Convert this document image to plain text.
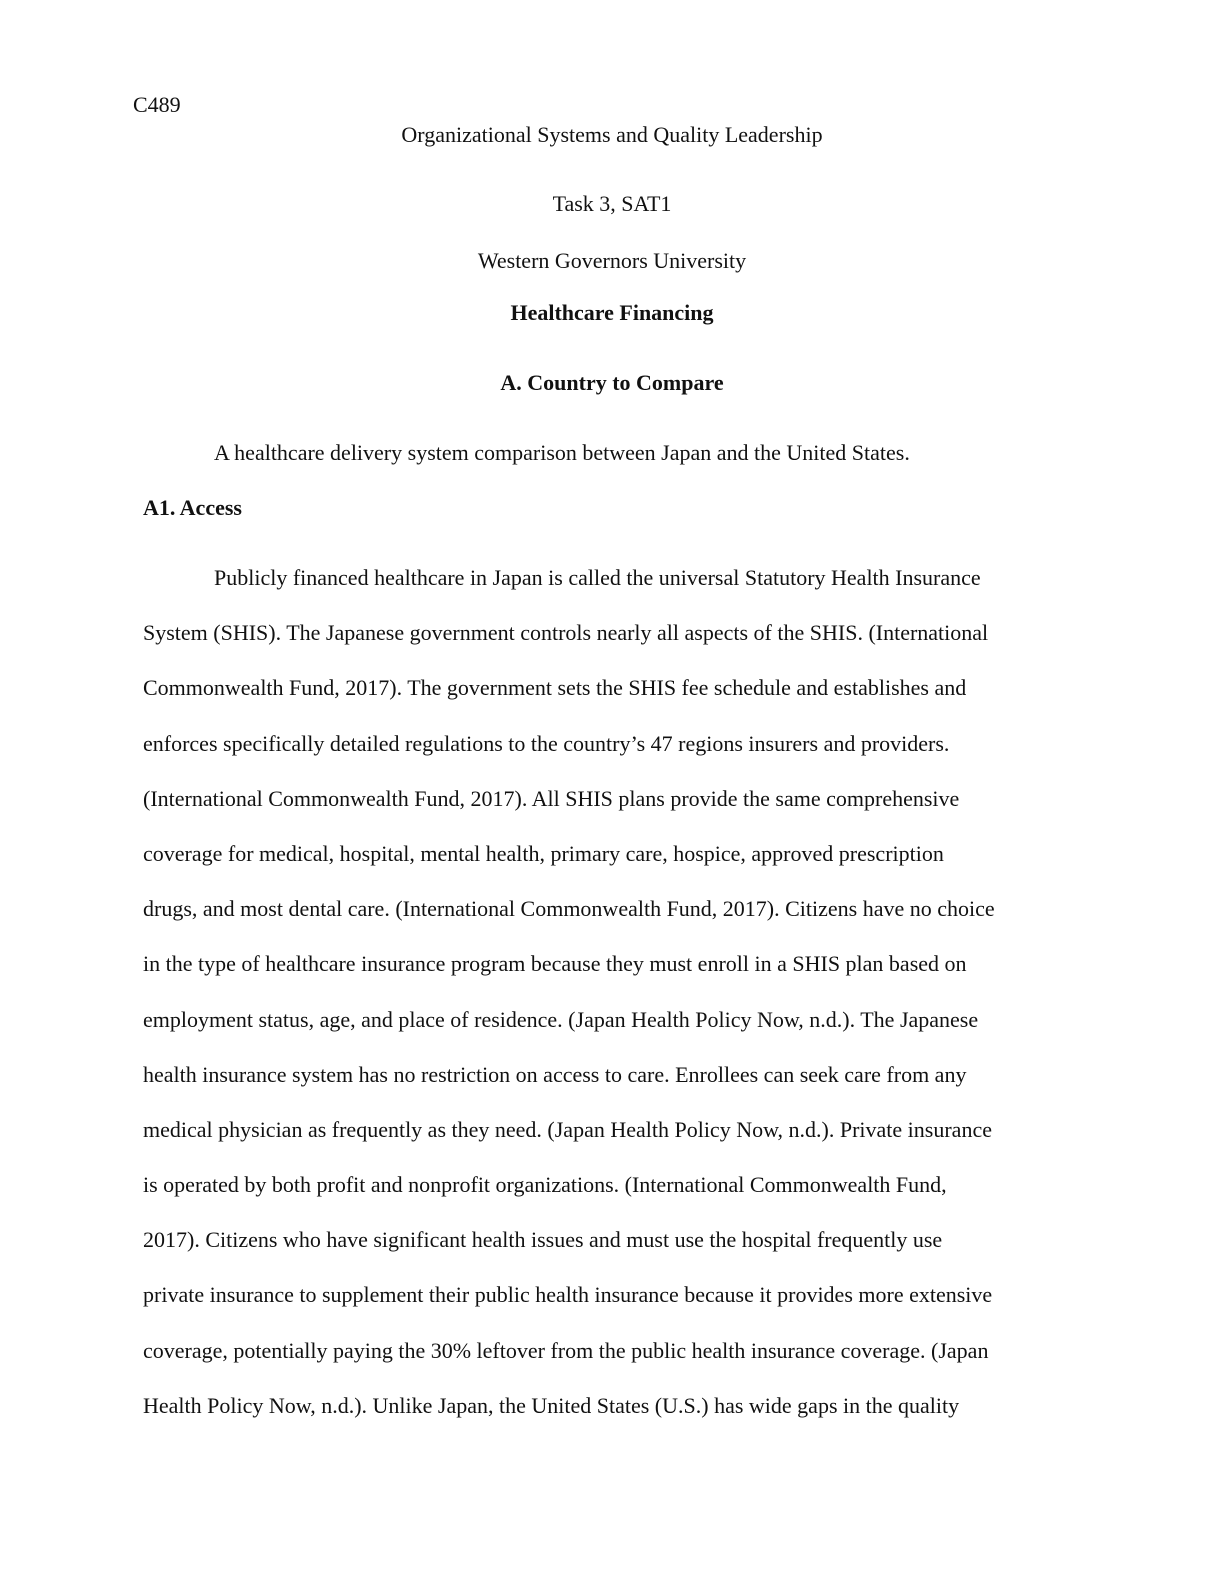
C489
Organizational Systems and Quality Leadership
Task 3, SAT1
Western Governors University
Healthcare Financing
A. Country to Compare
A healthcare delivery system comparison between Japan and the United States.
A1. Access
Publicly financed healthcare in Japan is called the universal Statutory Health Insurance
System (SHIS). The Japanese government controls nearly all aspects of the SHIS. (International
Commonwealth Fund, 2017). The government sets the SHIS fee schedule and establishes and
enforces specifically detailed regulations to the country’s 47 regions insurers and providers.
(International Commonwealth Fund, 2017). All SHIS plans provide the same comprehensive
coverage for medical, hospital, mental health, primary care, hospice, approved prescription
drugs, and most dental care. (International Commonwealth Fund, 2017). Citizens have no choice
in the type of healthcare insurance program because they must enroll in a SHIS plan based on
employment status, age, and place of residence. (Japan Health Policy Now, n.d.). The Japanese
health insurance system has no restriction on access to care. Enrollees can seek care from any
medical physician as frequently as they need. (Japan Health Policy Now, n.d.). Private insurance
is operated by both profit and nonprofit organizations. (International Commonwealth Fund,
2017). Citizens who have significant health issues and must use the hospital frequently use
private insurance to supplement their public health insurance because it provides more extensive
coverage, potentially paying the 30% leftover from the public health insurance coverage. (Japan
Health Policy Now, n.d.). Unlike Japan, the United States (U.S.) has wide gaps in the quality
